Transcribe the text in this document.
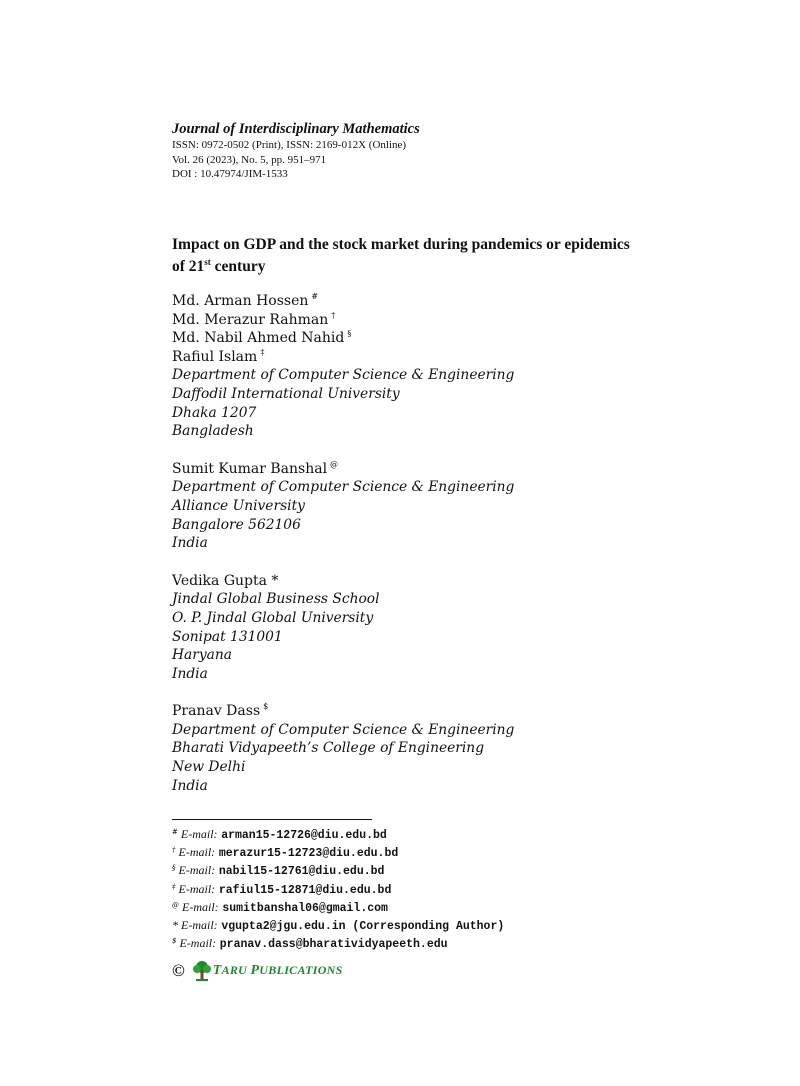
Journal of Interdisciplinary Mathematics
ISSN: 0972-0502 (Print), ISSN: 2169-012X (Online)
Vol. 26 (2023), No. 5, pp. 951–971
DOI : 10.47974/JIM-1533
Impact on GDP and the stock market during pandemics or epidemics
of 21st century
Md. Arman Hossen #
Md. Merazur Rahman †
Md. Nabil Ahmed Nahid §
Rafiul Islam ‡
Department of Computer Science & Engineering
Daffodil International University
Dhaka 1207
Bangladesh
Sumit Kumar Banshal @
Department of Computer Science & Engineering
Alliance University
Bangalore 562106
India
Vedika Gupta *
Jindal Global Business School
O. P. Jindal Global University
Sonipat 131001
Haryana
India
Pranav Dass $
Department of Computer Science & Engineering
Bharati Vidyapeeth’s College of Engineering
New Delhi
India
# E-mail: arman15-12726@diu.edu.bd
† E-mail: merazur15-12723@diu.edu.bd
§ E-mail: nabil15-12761@diu.edu.bd
‡ E-mail: rafiul15-12871@diu.edu.bd
@ E-mail: sumitbanshal06@gmail.com
* E-mail: vgupta2@jgu.edu.in (Corresponding Author)
$ E-mail: pranav.dass@bharatividyapeeth.edu
© TARU PUBLICATIONS
